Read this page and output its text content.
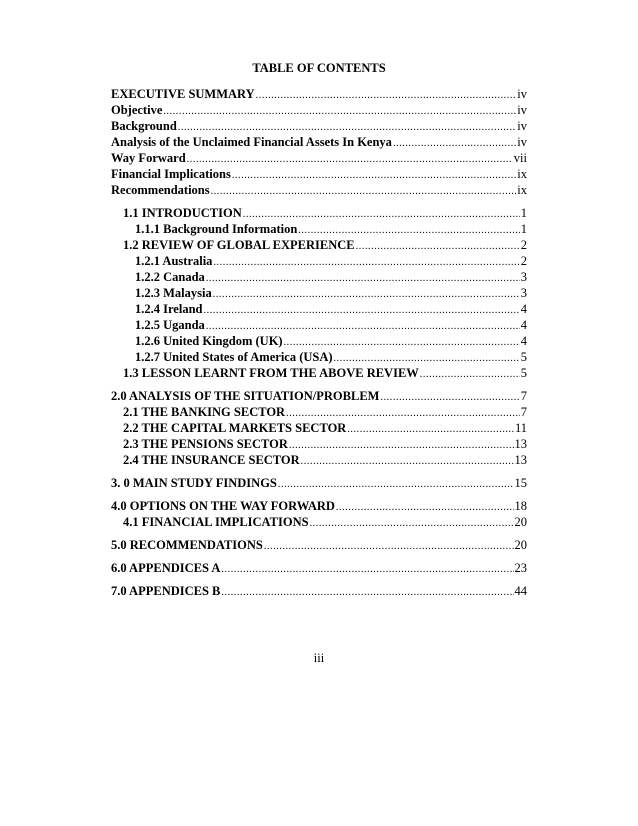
TABLE OF CONTENTS
EXECUTIVE SUMMARY .....	iv
Objective .....	iv
Background .....	iv
Analysis of the Unclaimed Financial Assets In Kenya .....	iv
Way Forward .....	vii
Financial Implications .....	ix
Recommendations .....	ix
1.1 INTRODUCTION .....	1
1.1.1 Background Information .....	1
1.2 REVIEW OF GLOBAL EXPERIENCE .....	2
1.2.1 Australia .....	2
1.2.2 Canada .....	3
1.2.3 Malaysia .....	3
1.2.4 Ireland .....	4
1.2.5 Uganda .....	4
1.2.6 United Kingdom (UK) .....	4
1.2.7 United States of America (USA) .....	5
1.3 LESSON LEARNT FROM THE ABOVE REVIEW .....	5
2.0 ANALYSIS OF THE SITUATION/PROBLEM .....	7
2.1 THE BANKING SECTOR .....	7
2.2 THE CAPITAL MARKETS SECTOR .....	11
2.3 THE PENSIONS SECTOR .....	13
2.4 THE INSURANCE SECTOR .....	13
3. 0 MAIN STUDY FINDINGS .....	15
4.0 OPTIONS ON THE WAY FORWARD .....	18
4.1 FINANCIAL IMPLICATIONS .....	20
5.0 RECOMMENDATIONS .....	20
6.0 APPENDICES A .....	23
7.0 APPENDICES B .....	44
iii
